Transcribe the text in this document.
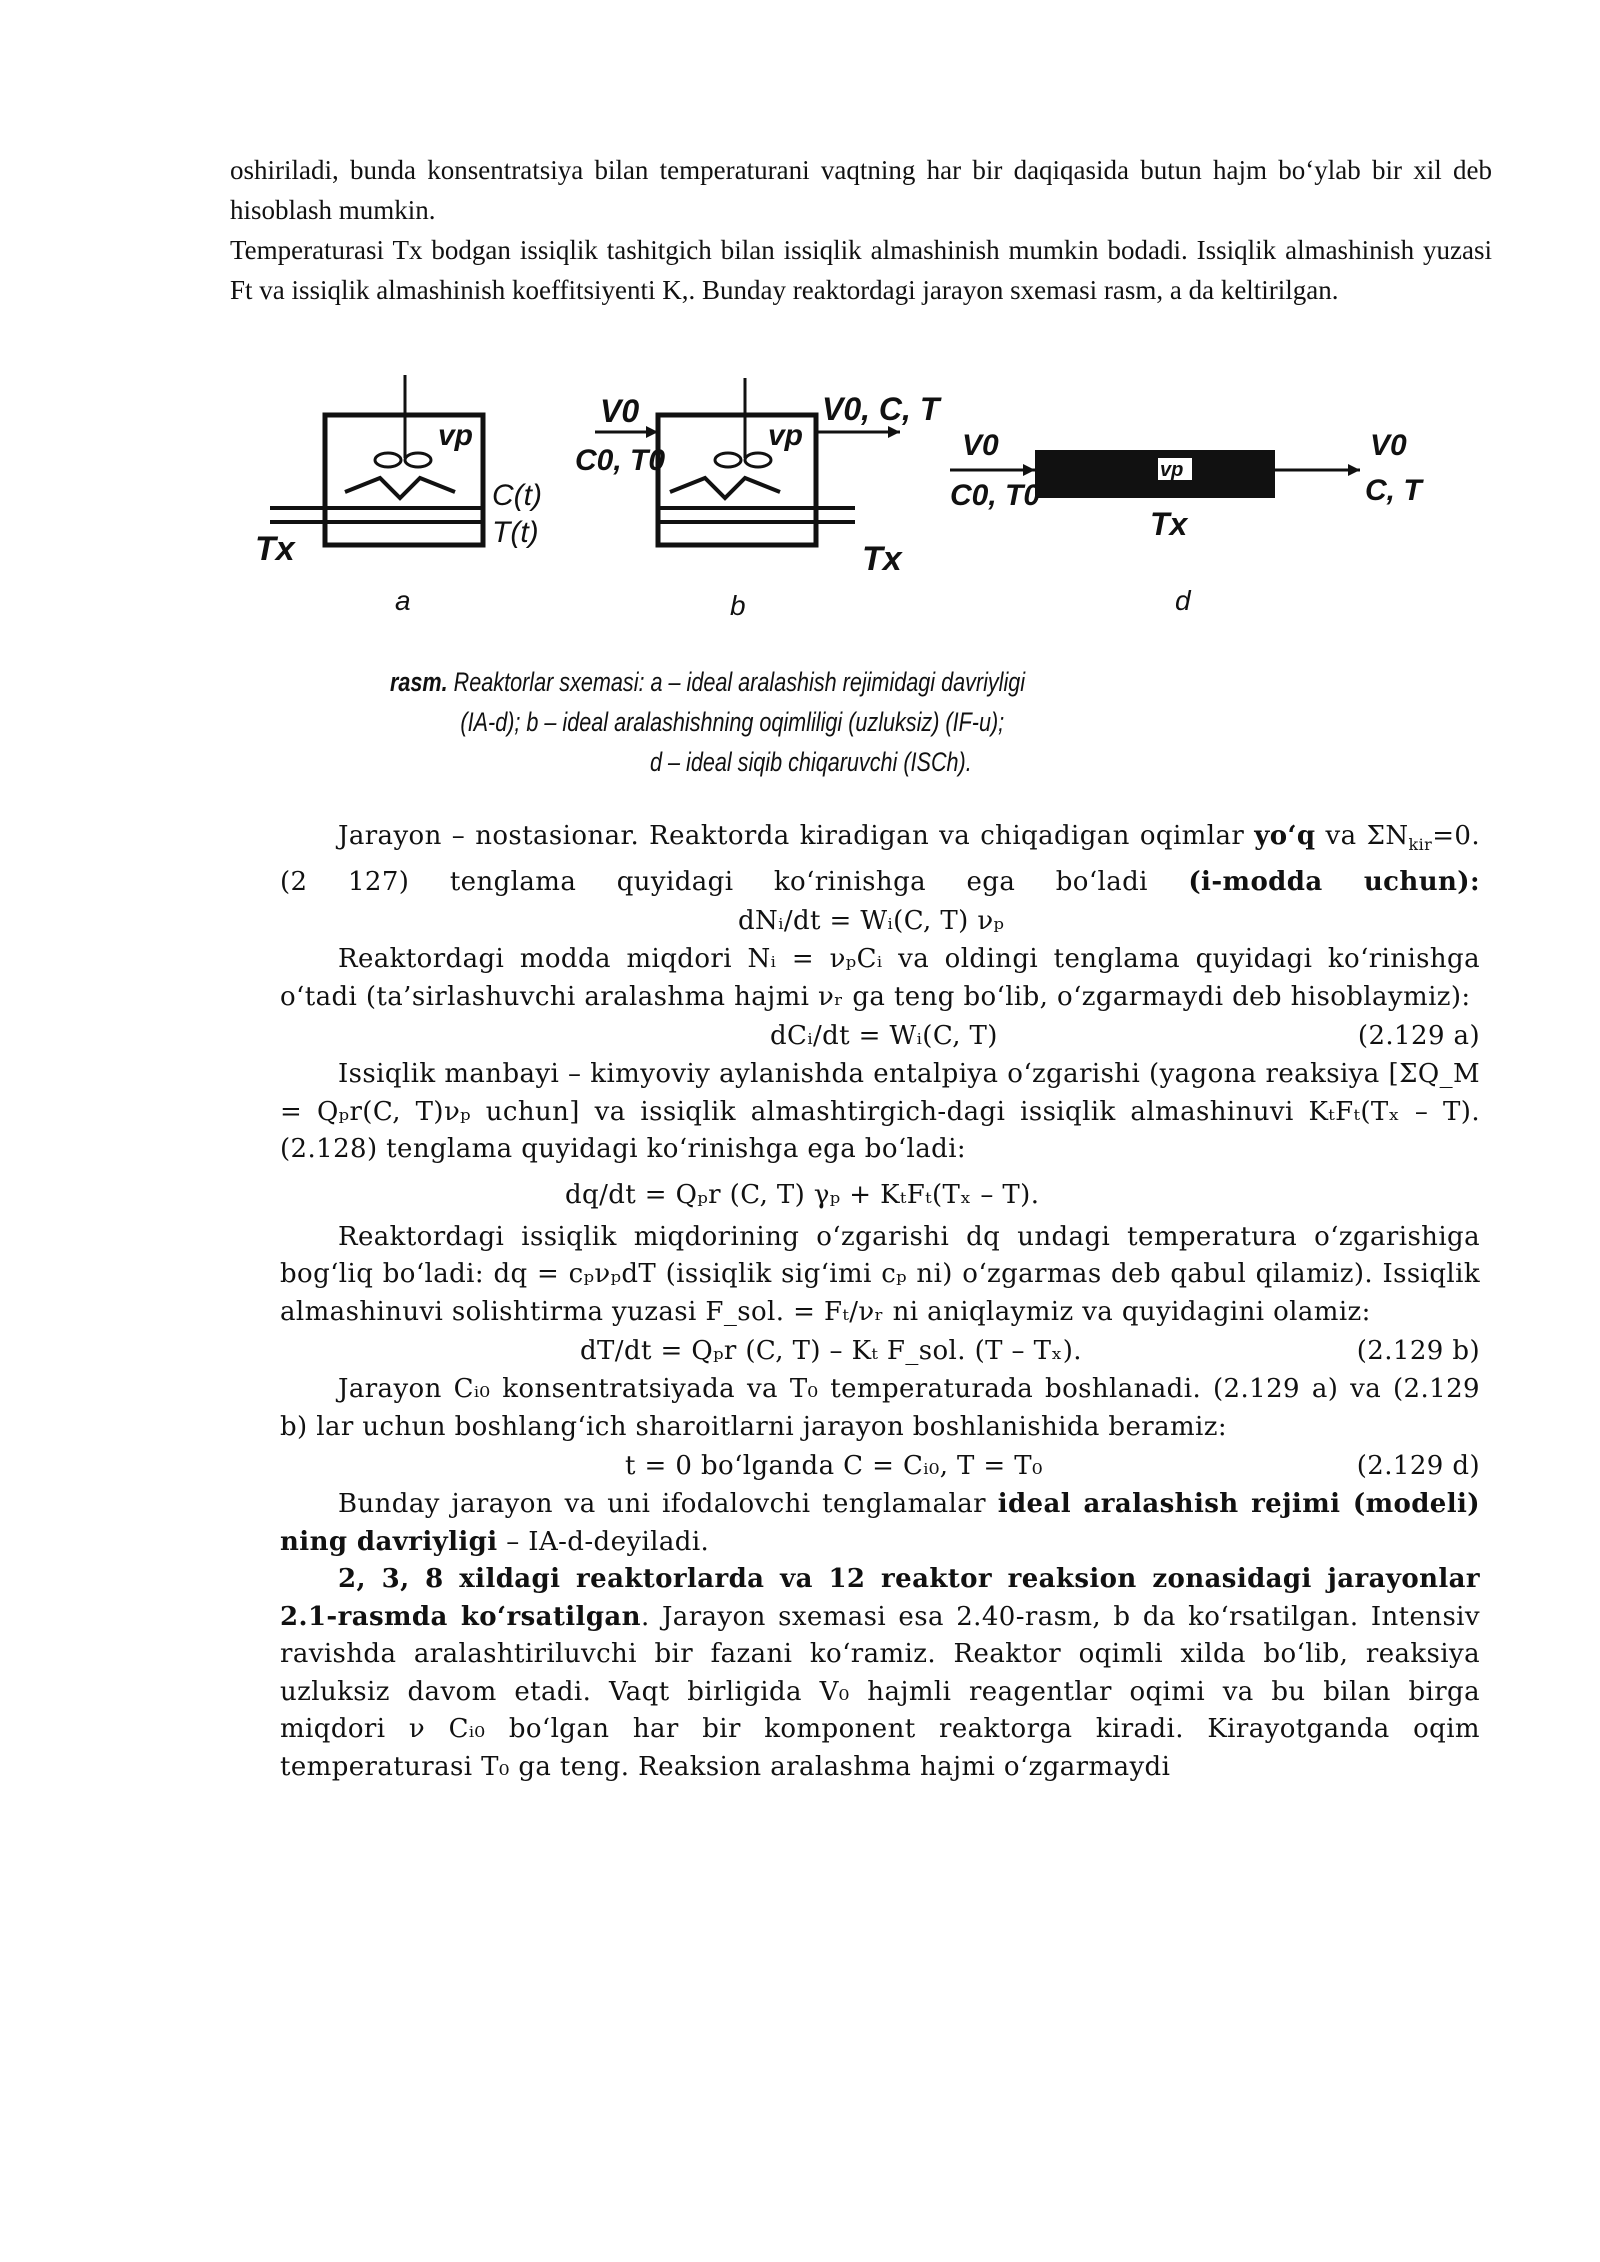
oshiriladi, bunda konsentratsiya bilan temperaturani vaqtning har bir daqiqasida butun hajm bo‘ylab bir xil deb hisoblash mumkin.

Temperaturasi Tx bodgan issiqlik tashitgich bilan issiqlik almashinish mumkin bodadi. Issiqlik almashinish yuzasi Ft va issiqlik almashinish koeffitsiyenti K,. Bunday reaktordagi jarayon sxemasi rasm, a da keltirilgan.

vp
C(t)
T(t)
Tx
a
V0
C0, T0
vp
V0, C, T
Tx
b
vp
V0
C0, T0
Tx
V0
C, T
d
rasm. Reaktorlar sxemasi: a – ideal aralashish rejimidagi davriyligi
(IA-d); b – ideal aralashishning oqimliligi (uzluksiz) (IF-u);
d – ideal siqib chiqaruvchi (ISCh).

Jarayon – nostasionar. Reaktorda kiradigan va chiqadigan oqimlar yo‘q va $\Sigma N_{kir}=0$. (2 127) tenglama quyidagi ko‘rinishga ega bo‘ladi (i-modda uchun):

dNᵢ/dt = Wᵢ(C, T) νₚ

Reaktordagi modda miqdori Nᵢ = νₚCᵢ va oldingi tenglama quyidagi ko‘rinishga o‘tadi (ta’sirlashuvchi aralashma hajmi νᵣ ga teng bo‘lib, o‘zgarmaydi deb hisoblaymiz):

dCᵢ/dt = Wᵢ(C, T)	(2.129 a)

Issiqlik manbayi – kimyoviy aylanishda entalpiya o‘zgarishi (yagona reaksiya [ΣQ_M = Qₚr(C, T)νₚ uchun] va issiqlik almashtirgich-dagi issiqlik almashinuvi KₜFₜ(Tₓ – T). (2.128) tenglama quyidagi ko‘rinishga ega bo‘ladi:

dq/dt = Qₚr (C, T) γₚ + KₜFₜ(Tₓ – T).

Reaktordagi issiqlik miqdorining o‘zgarishi dq undagi temperatura o‘zgarishiga bog‘liq bo‘ladi: dq = cₚνₚdT (issiqlik sig‘imi cₚ ni) o‘zgarmas deb qabul qilamiz). Issiqlik almashinuvi solishtirma yuzasi F_sol. = Fₜ/νᵣ ni aniqlaymiz va quyidagini olamiz:

dT/dt = Qₚr (C, T) – Kₜ F_sol. (T – Tₓ).	(2.129 b)

Jarayon Cᵢ₀ konsentratsiyada va T₀ temperaturada boshlanadi. (2.129 a) va (2.129 b) lar uchun boshlang‘ich sharoitlarni jarayon boshlanishida beramiz:

t = 0 bo‘lganda C = Cᵢ₀, T = T₀	(2.129 d)

Bunday jarayon va uni ifodalovchi tenglamalar ideal aralashish rejimi (modeli) ning davriyligi – IA-d-deyiladi.

2, 3, 8 xildagi reaktorlarda va 12 reaktor reaksion zonasidagi jarayonlar 2.1-rasmda ko‘rsatilgan. Jarayon sxemasi esa 2.40-rasm, b da ko‘rsatilgan. Intensiv ravishda aralashtiriluvchi bir fazani ko‘ramiz. Reaktor oqimli xilda bo‘lib, reaksiya uzluksiz davom etadi. Vaqt birligida V₀ hajmli reagentlar oqimi va bu bilan birga miqdori ν Cᵢ₀ bo‘lgan har bir komponent reaktorga kiradi. Kirayotganda oqim temperaturasi T₀ ga teng. Reaksion aralashma hajmi o‘zgarmaydi
